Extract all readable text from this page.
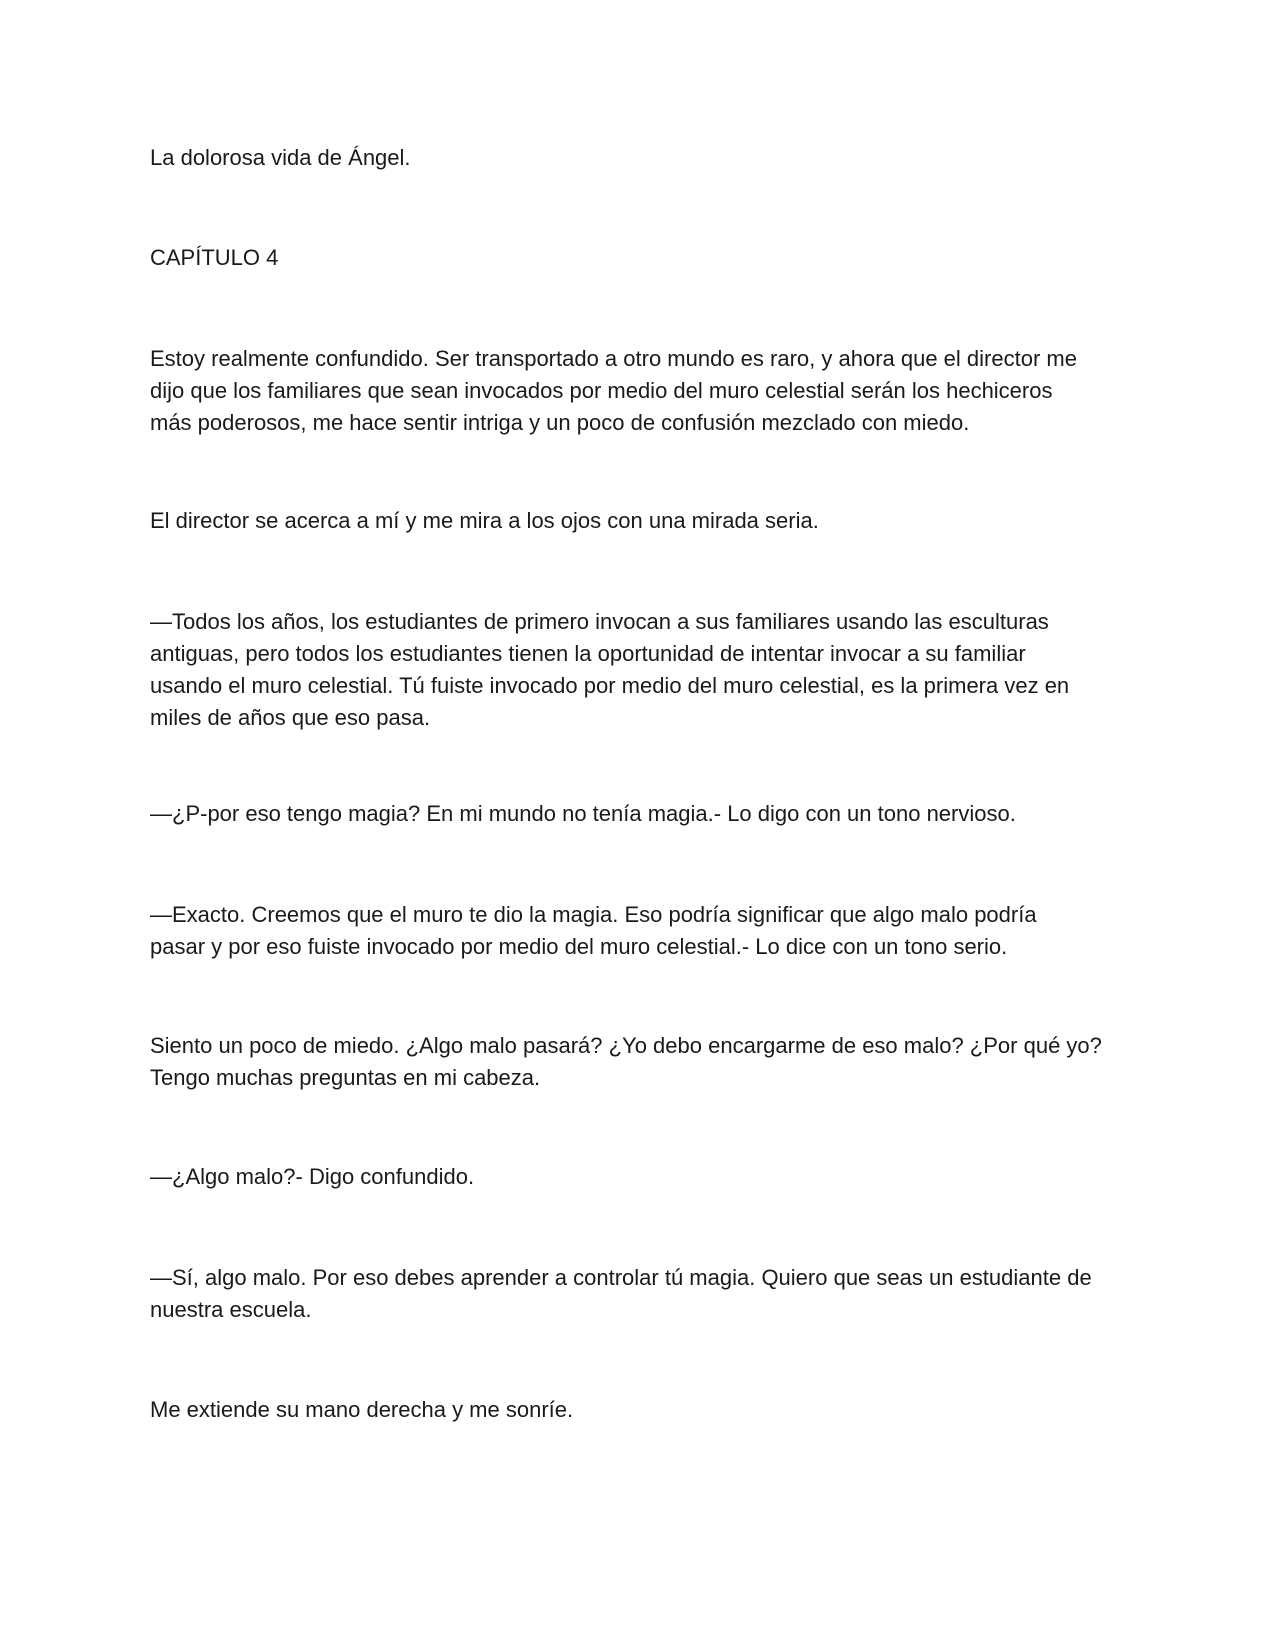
La dolorosa vida de Ángel.
CAPÍTULO 4
Estoy realmente confundido. Ser transportado a otro mundo es raro, y ahora que el director me
dijo que los familiares que sean invocados por medio del muro celestial serán los hechiceros
más poderosos, me hace sentir intriga y un poco de confusión mezclado con miedo.
El director se acerca a mí y me mira a los ojos con una mirada seria.
—Todos los años, los estudiantes de primero invocan a sus familiares usando las esculturas
antiguas, pero todos los estudiantes tienen la oportunidad de intentar invocar a su familiar
usando el muro celestial. Tú fuiste invocado por medio del muro celestial, es la primera vez en
miles de años que eso pasa.
—¿P-por eso tengo magia? En mi mundo no tenía magia.- Lo digo con un tono nervioso.
—Exacto. Creemos que el muro te dio la magia. Eso podría significar que algo malo podría
pasar y por eso fuiste invocado por medio del muro celestial.- Lo dice con un tono serio.
Siento un poco de miedo. ¿Algo malo pasará? ¿Yo debo encargarme de eso malo? ¿Por qué yo?
Tengo muchas preguntas en mi cabeza.
—¿Algo malo?- Digo confundido.
—Sí, algo malo. Por eso debes aprender a controlar tú magia. Quiero que seas un estudiante de
nuestra escuela.
Me extiende su mano derecha y me sonríe.
